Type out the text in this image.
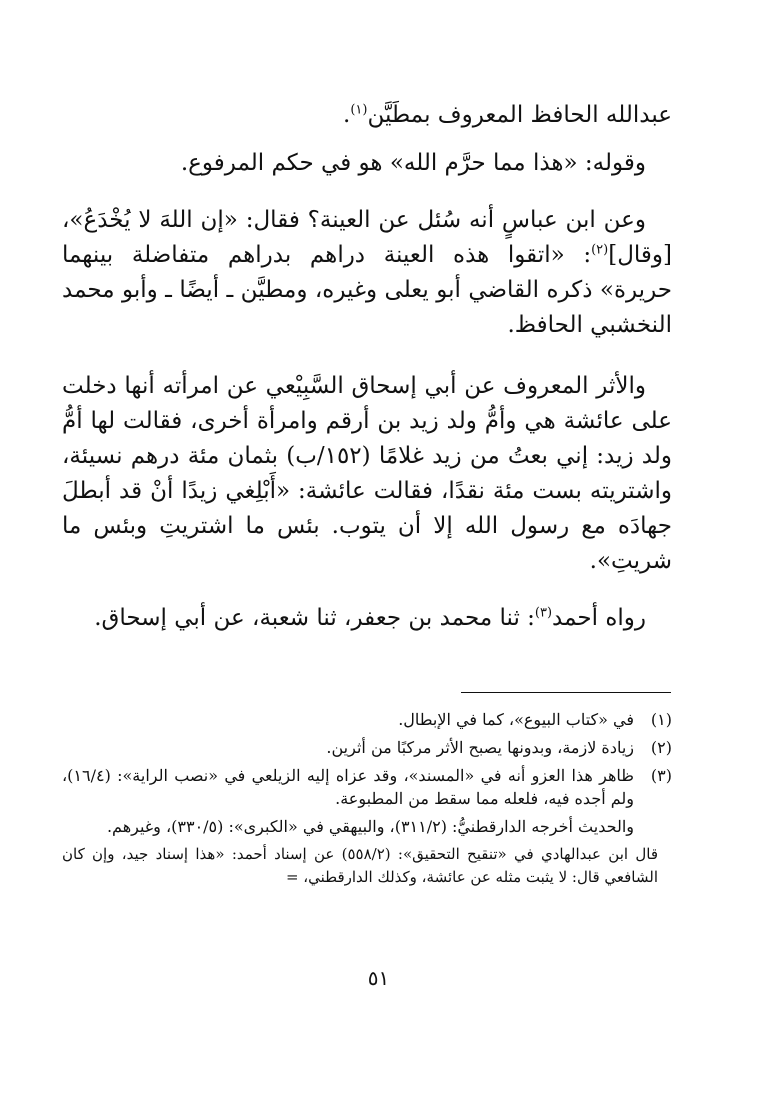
عبدالله الحافظ المعروف بمطَيَّن$^{(١)}$.

وقوله: «هذا مما حرَّم الله» هو في حكم المرفوع.

وعن ابن عباسٍ أنه سُئل عن العينة؟ فقال: «إن اللهَ لا يُخْدَعُ»، [وقال]$^{(٢)}$: «اتقوا هذه العينة دراهم بدراهم متفاضلة بينهما حريرة» ذكره القاضي أبو يعلى وغيره، ومطيَّن ـ أيضًا ـ وأبو محمد النخشبي الحافظ.

والأثر المعروف عن أبي إسحاق السَّبِيْعي عن امرأته أنها دخلت على عائشة هي وأمُّ ولد زيد بن أرقم وامرأة أخرى، فقالت لها أمُّ ولد زيد: إني بعتُ من زيد غلامًا (١٥٢/ب) بثمان مئة درهم نسيئة، واشتريته بست مئة نقدًا، فقالت عائشة: «أَبْلِغي زيدًا أنْ قد أبطلَ جهادَه مع رسول الله إلا أن يتوب. بئس ما اشتريتِ وبئس ما شريتِ».

رواه أحمد$^{(٣)}$: ثنا محمد بن جعفر، ثنا شعبة، عن أبي إسحاق.

(١)
في «كتاب البيوع»، كما في الإبطال.
(٢)
زيادة لازمة، وبدونها يصبح الأثر مركبًا من أثرين.
(٣)
ظاهر هذا العزو أنه في «المسند»، وقد عزاه إليه الزيلعي في «نصب الراية»: (١٦/٤)، ولم أجده فيه، فلعله مما سقط من المطبوعة.
والحديث أخرجه الدارقطنيُّ: (٣١١/٢)، والبيهقي في «الكبرى»: (٣٣٠/٥)، وغيرهم.
قال ابن عبدالهادي في «تنقيح التحقيق»: (٥٥٨/٢) عن إسناد أحمد: «هذا إسناد جيد، وإن كان الشافعي قال: لا يثبت مثله عن عائشة، وكذلك الدارقطني، =
٥١
